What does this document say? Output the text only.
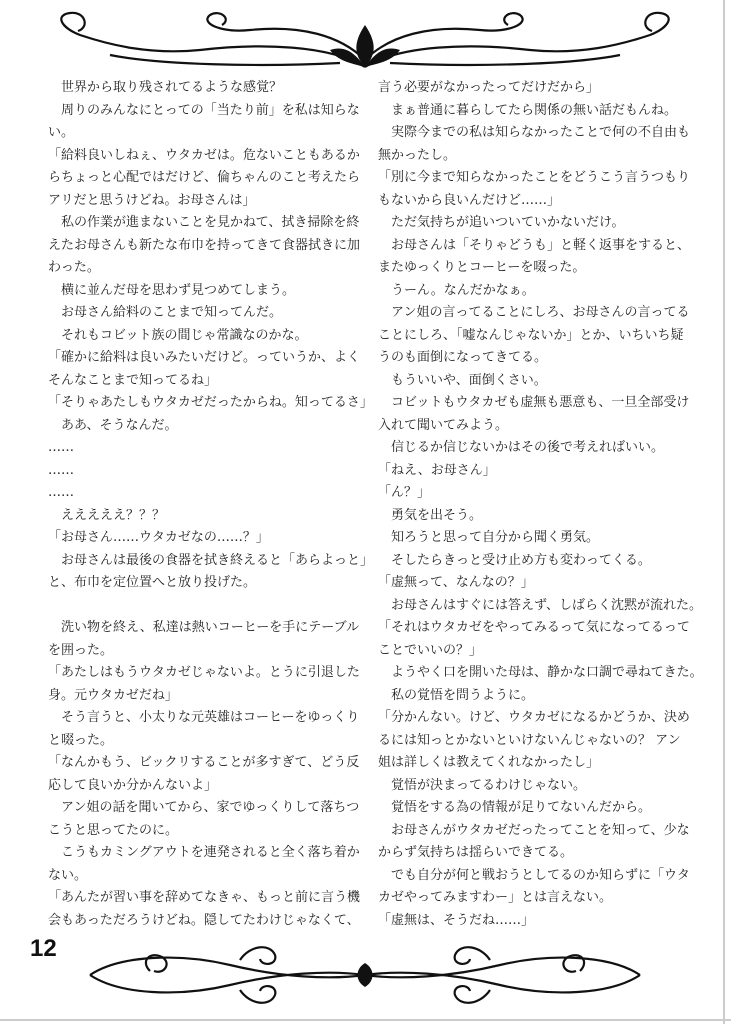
　世界から取り残されてるような感覚？
　周りのみんなにとっての「当たり前」を私は知らな
い。
「給料良いしねぇ、ウタカゼは。危ないこともあるか
らちょっと心配ではだけど、倫ちゃんのこと考えたら
アリだと思うけどね。お母さんは」
　私の作業が進まないことを見かねて、拭き掃除を終
えたお母さんも新たな布巾を持ってきて食器拭きに加
わった。
　横に並んだ母を思わず見つめてしまう。
　お母さん給料のことまで知ってんだ。
　それもコビット族の間じゃ常識なのかな。
「確かに給料は良いみたいだけど。っていうか、よく
そんなことまで知ってるね」
「そりゃあたしもウタカゼだったからね。知ってるさ」
　ああ、そうなんだ。
……
……
……
　えええええ？？？
「お母さん……ウタカゼなの……？」
　お母さんは最後の食器を拭き終えると「あらよっと」
と、布巾を定位置へと放り投げた。
　洗い物を終え、私達は熱いコーヒーを手にテーブル
を囲った。
「あたしはもうウタカゼじゃないよ。とうに引退した
身。元ウタカゼだね」
　そう言うと、小太りな元英雄はコーヒーをゆっくり
と啜った。
「なんかもう、ビックリすることが多すぎて、どう反
応して良いか分かんないよ」
　アン姐の話を聞いてから、家でゆっくりして落ちつ
こうと思ってたのに。
　こうもカミングアウトを連発されると全く落ち着か
ない。
「あんたが習い事を辞めてなきゃ、もっと前に言う機
会もあっただろうけどね。隠してたわけじゃなくて、
言う必要がなかったってだけだから」
　まぁ普通に暮らしてたら関係の無い話だもんね。
　実際今までの私は知らなかったことで何の不自由も
無かったし。
「別に今まで知らなかったことをどうこう言うつもり
もないから良いんだけど……」
　ただ気持ちが追いついていかないだけ。
　お母さんは「そりゃどうも」と軽く返事をすると、
またゆっくりとコーヒーを啜った。
　うーん。なんだかなぁ。
　アン姐の言ってることにしろ、お母さんの言ってる
ことにしろ、「嘘なんじゃないか」とか、いちいち疑
うのも面倒になってきてる。
　もういいや、面倒くさい。
　コビットもウタカゼも虚無も悪意も、一旦全部受け
入れて聞いてみよう。
　信じるか信じないかはその後で考えればいい。
「ねえ、お母さん」
「ん？」
　勇気を出そう。
　知ろうと思って自分から聞く勇気。
　そしたらきっと受け止め方も変わってくる。
「虚無って、なんなの？」
　お母さんはすぐには答えず、しばらく沈黙が流れた。
「それはウタカゼをやってみるって気になってるって
ことでいいの？」
　ようやく口を開いた母は、静かな口調で尋ねてきた。
　私の覚悟を問うように。
「分かんない。けど、ウタカゼになるかどうか、決め
るには知っとかないといけないんじゃないの？ アン
姐は詳しくは教えてくれなかったし」
　覚悟が決まってるわけじゃない。
　覚悟をする為の情報が足りてないんだから。
　お母さんがウタカゼだったってことを知って、少な
からず気持ちは揺らいできてる。
　でも自分が何と戦おうとしてるのか知らずに「ウタ
カゼやってみますわー」とは言えない。
「虚無は、そうだね……」
12
